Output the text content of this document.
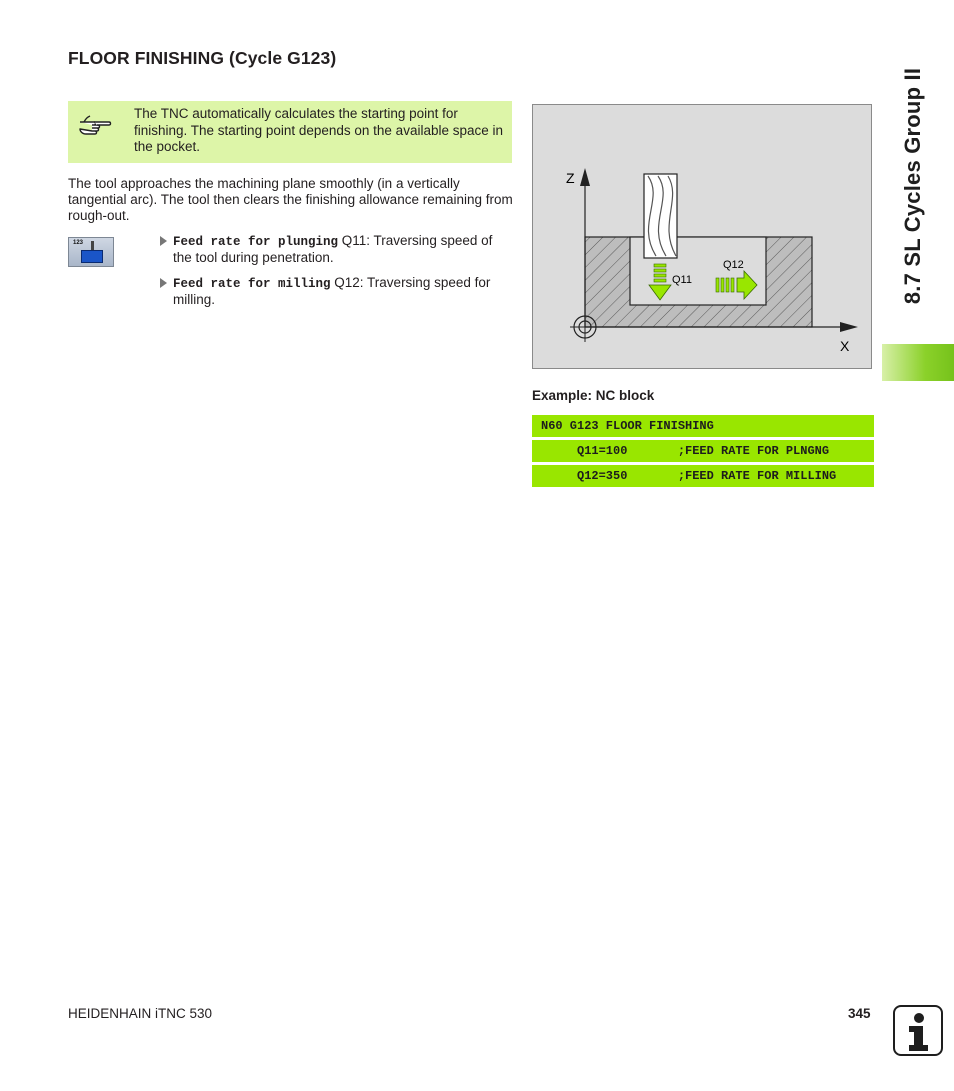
FLOOR FINISHING (Cycle G123)
The TNC automatically calculates the starting point for finishing. The starting point depends on the available space in the pocket.
The tool approaches the machining plane smoothly (in a vertically tangential arc). The tool then clears the finishing allowance remaining from rough-out.
123	Feed rate for plunging Q11: Traversing speed of the tool during penetration.
Feed rate for milling Q12: Traversing speed for milling.
Z
X
Q11
Q12
Example: NC block
N60 G123 FLOOR FINISHING
Q11=100       ;FEED RATE FOR PLNGNG
Q12=350       ;FEED RATE FOR MILLING
8.7 SL Cycles Group II
HEIDENHAIN iTNC 530	345
